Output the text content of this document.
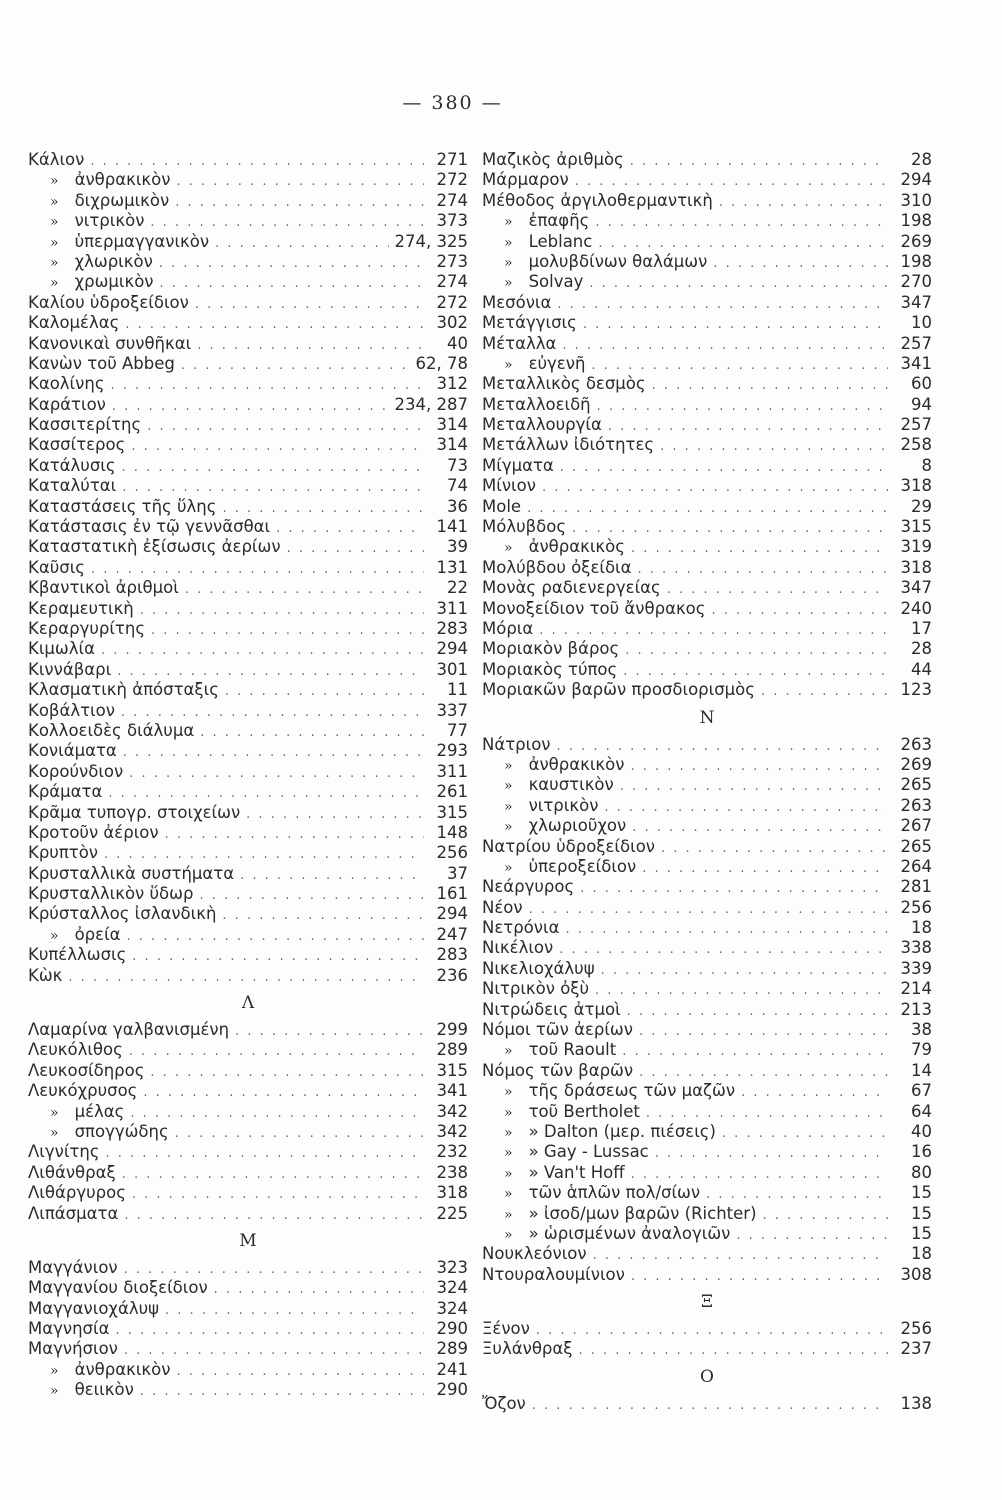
— 380 —
Κάλιον . . .	271
» ἀνθρακικὸν . . .	272
» διχρωμικὸν . . .	274
» νιτρικὸν . . .	373
» ὑπερμαγγανικὸν . . .	274, 325
» χλωρικὸν . . .	273
» χρωμικὸν . . .	274
Καλίου ὑδροξείδιον . . .	272
Καλομέλας . . .	302
Κανονικαὶ συνθῆκαι . . .	40
Κανὼν τοῦ Abbeg . . .	62, 78
Καολίνης . . .	312
Καράτιον . . .	234, 287
Κασσιτερίτης . . .	314
Κασσίτερος . . .	314
Κατάλυσις . . .	73
Καταλύται . . .	74
Καταστάσεις τῆς ὕλης . . .	36
Κατάστασις ἐν τῷ γεννᾶσθαι . . .	141
Καταστατικὴ ἐξίσωσις ἀερίων . . .	39
Καῦσις . . .	131
Κβαντικοὶ ἀριθμοὶ . . .	22
Κεραμευτικὴ . . .	311
Κεραργυρίτης . . .	283
Κιμωλία . . .	294
Κιννάβαρι . . .	301
Κλασματικὴ ἀπόσταξις . . .	11
Κοβάλτιον . . .	337
Κολλοειδὲς διάλυμα . . .	77
Κονιάματα . . .	293
Κορούνδιον . . .	311
Κράματα . . .	261
Κρᾶμα τυπογρ. στοιχείων . . .	315
Κροτοῦν ἀέριον . . .	148
Κρυπτὸν . . .	256
Κρυσταλλικὰ συστήματα . . .	37
Κρυσταλλικὸν ὕδωρ . . .	161
Κρύσταλλος ἰσλανδικὴ . . .	294
» ὀρεία . . .	247
Κυπέλλωσις . . .	283
Κὼκ . . .	236
Λ
Λαμαρίνα γαλβανισμένη . . .	299
Λευκόλιθος . . .	289
Λευκοσίδηρος . . .	315
Λευκόχρυσος . . .	341
» μέλας . . .	342
» σπογγώδης . . .	342
Λιγνίτης . . .	232
Λιθάνθραξ . . .	238
Λιθάργυρος . . .	318
Λιπάσματα . . .	225
Μ
Μαγγάνιον . . .	323
Μαγγανίου διοξείδιον . . .	324
Μαγγανιοχάλυψ . . .	324
Μαγνησία . . .	290
Μαγνήσιον . . .	289
» ἀνθρακικὸν . . .	241
» θειικὸν . . .	290
Μαζικὸς ἀριθμὸς . . .	28
Μάρμαρον . . .	294
Μέθοδος ἀργιλοθερμαντικὴ . . .	310
» ἐπαφῆς . . .	198
» Leblanc . . .	269
» μολυβδίνων θαλάμων . . .	198
» Solvay . . .	270
Μεσόνια . . .	347
Μετάγγισις . . .	10
Μέταλλα . . .	257
» εὐγενῆ . . .	341
Μεταλλικὸς δεσμὸς . . .	60
Μεταλλοειδῆ . . .	94
Μεταλλουργία . . .	257
Μετάλλων ἰδιότητες . . .	258
Μίγματα . . .	8
Μίνιον . . .	318
Mole . . .	29
Μόλυβδος . . .	315
» ἀνθρακικὸς . . .	319
Μολύβδου ὀξείδια . . .	318
Μονὰς ραδιενεργείας . . .	347
Μονοξείδιον τοῦ ἄνθρακος . . .	240
Μόρια . . .	17
Μοριακὸν βάρος . . .	28
Μοριακὸς τύπος . . .	44
Μοριακῶν βαρῶν προσδιορισμὸς . . .	123
Ν
Νάτριον . . .	263
» ἀνθρακικὸν . . .	269
» καυστικὸν . . .	265
» νιτρικὸν . . .	263
» χλωριοῦχον . . .	267
Νατρίου ὑδροξείδιον . . .	265
» ὑπεροξείδιον . . .	264
Νεάργυρος . . .	281
Νέον . . .	256
Νετρόνια . . .	18
Νικέλιον . . .	338
Νικελιοχάλυψ . . .	339
Νιτρικὸν ὀξὺ . . .	214
Νιτρώδεις ἀτμοὶ . . .	213
Νόμοι τῶν ἀερίων . . .	38
» τοῦ Raoult . . .	79
Νόμος τῶν βαρῶν . . .	14
» τῆς δράσεως τῶν μαζῶν . . .	67
» τοῦ Bertholet . . .	64
» » Dalton (μερ. πιέσεις) . . .	40
» » Gay - Lussac . . .	16
» » Van't Hoff . . .	80
» τῶν ἁπλῶν πολ/σίων . . .	15
» » ἰσοδ/μων βαρῶν (Richter) . . .	15
» » ὡρισμένων ἀναλογιῶν . . .	15
Νουκλεόνιον . . .	18
Ντουραλουμίνιον . . .	308
Ξ
Ξένον . . .	256
Ξυλάνθραξ . . .	237
Ο
Ὄζον . . .	138
